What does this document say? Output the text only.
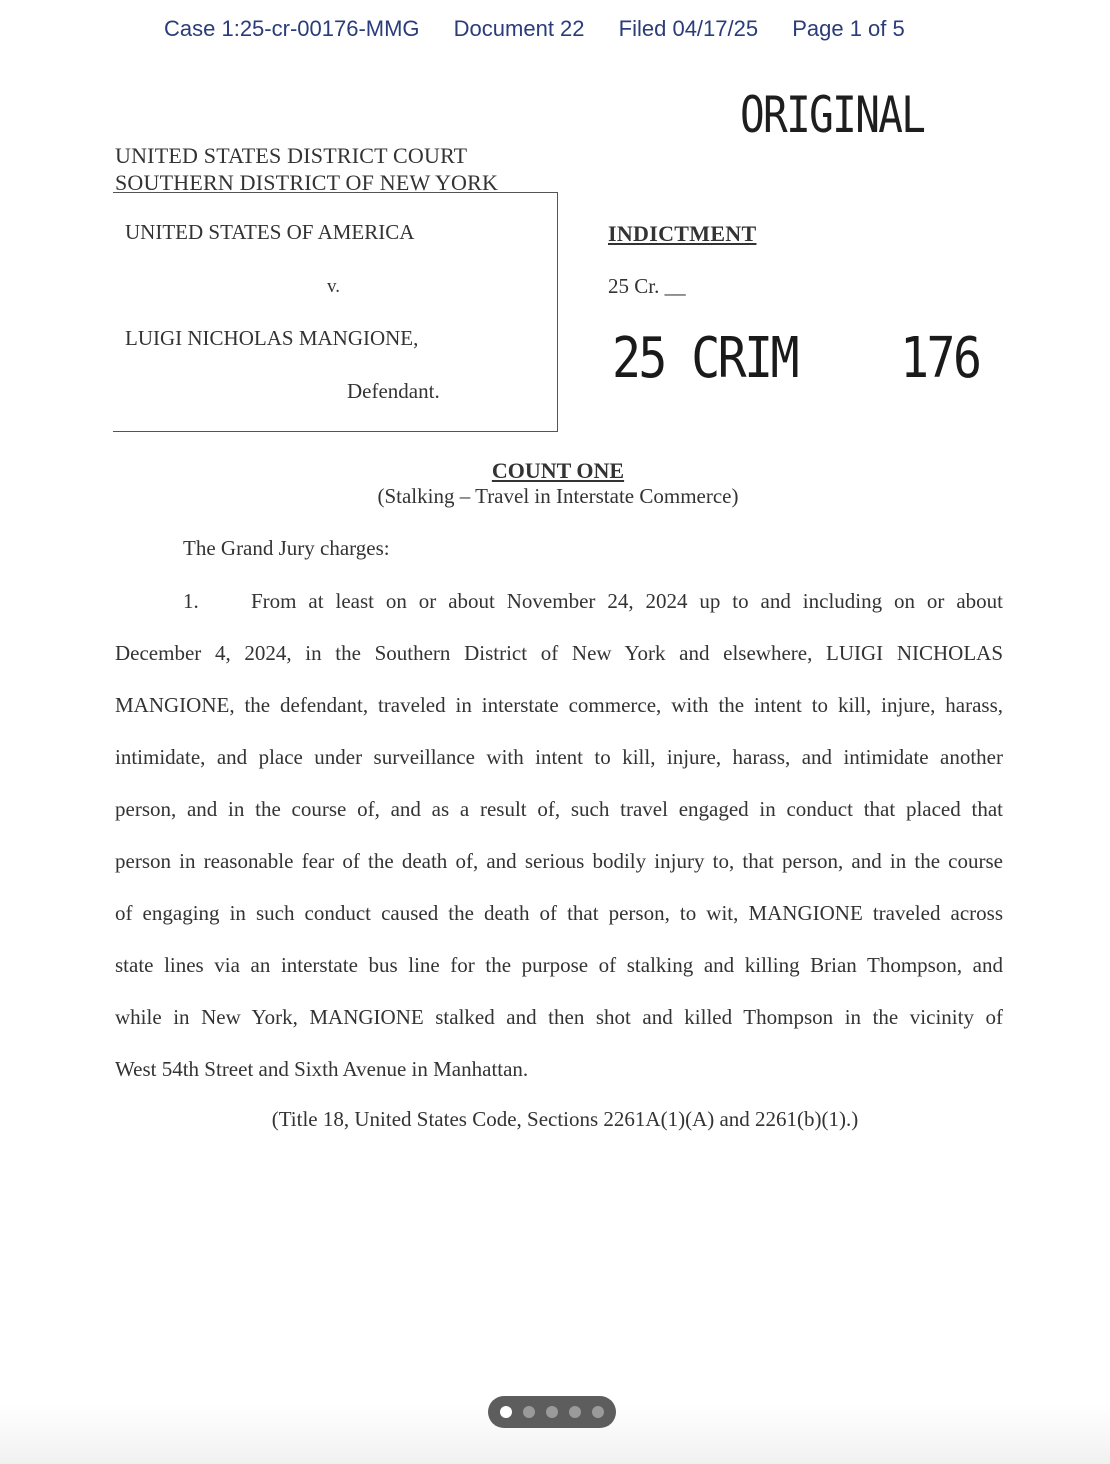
Case 1:25-cr-00176-MMG Document 22 Filed 04/17/25 Page 1 of 5
ORIGINAL
UNITED STATES DISTRICT COURT
SOUTHERN DISTRICT OF NEW YORK
UNITED STATES OF AMERICA
v.
LUIGI NICHOLAS MANGIONE,
Defendant.
INDICTMENT
25 Cr. __
25 CRIM 176
COUNT ONE
(Stalking – Travel in Interstate Commerce)
The Grand Jury charges:
1. From at least on or about November 24, 2024 up to and including on or about
December 4, 2024, in the Southern District of New York and elsewhere, LUIGI NICHOLAS
MANGIONE, the defendant, traveled in interstate commerce, with the intent to kill, injure, harass,
intimidate, and place under surveillance with intent to kill, injure, harass, and intimidate another
person, and in the course of, and as a result of, such travel engaged in conduct that placed that
person in reasonable fear of the death of, and serious bodily injury to, that person, and in the course
of engaging in such conduct caused the death of that person, to wit, MANGIONE traveled across
state lines via an interstate bus line for the purpose of stalking and killing Brian Thompson, and
while in New York, MANGIONE stalked and then shot and killed Thompson in the vicinity of
West 54th Street and Sixth Avenue in Manhattan.
(Title 18, United States Code, Sections 2261A(1)(A) and 2261(b)(1).)
